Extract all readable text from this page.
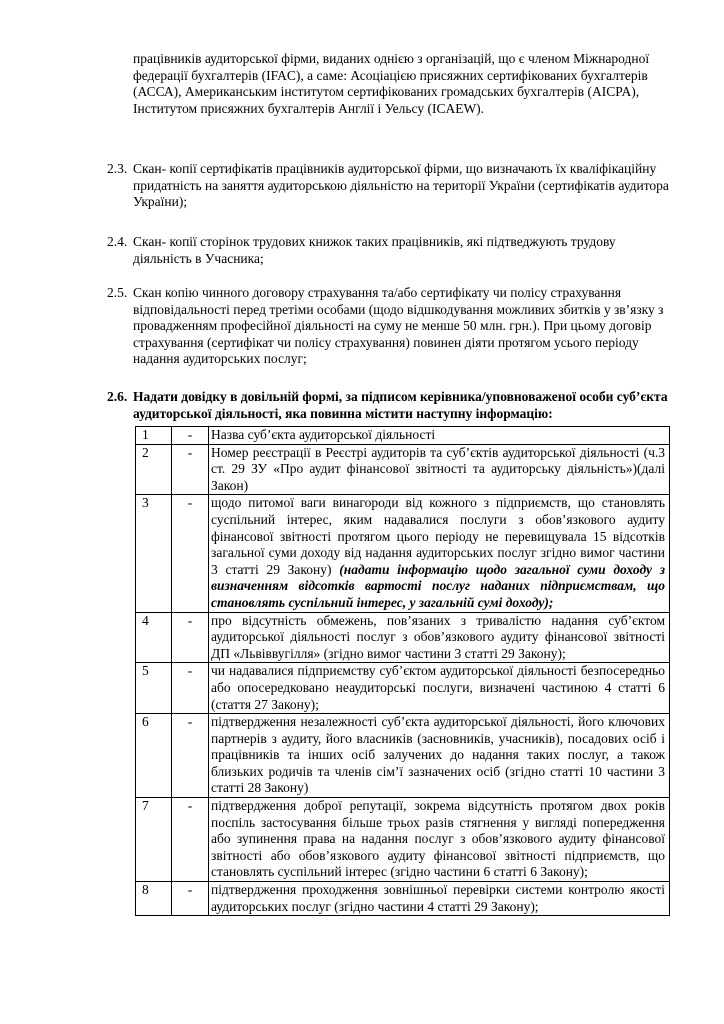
працівників аудиторської фірми, виданих однією з організацій, що є членом Міжнародної федерації бухгалтерів (IFAC), а саме: Асоціацією присяжних сертифікованих бухгалтерів (АССА), Американським інститутом сертифікованих громадських бухгалтерів (AICPA), Інститутом присяжних бухгалтерів Англії і Уельсу (ICAEW).

2.3. Скан- копії сертифікатів працівників аудиторської фірми, що визначають їх кваліфікаційну придатність на заняття аудиторською діяльністю на території України (сертифікатів аудитора України);
2.4. Скан- копії сторінок трудових книжок таких працівників, які підтведжують трудову діяльність в Учасника;
2.5. Скан копію чинного договору страхування та/або сертифікату чи полісу страхування відповідальності перед третіми особами (щодо відшкодування можливих збитків у зв’язку з провадженням професійної діяльності на суму не менше 50 млн. грн.). При цьому договір страхування (сертифікат чи полісу страхування) повинен діяти протягом усього періоду надання аудиторських послуг;
2.6. Надати довідку в довільній формі, за підписом керівника/уповноваженої особи суб’єкта аудиторської діяльності, яка повинна містити наступну інформацію:
1	-	Назва суб’єкта аудиторської діяльності
2	-	Номер реєстрації в Реєстрі аудиторів та суб’єктів аудиторської діяльності (ч.3 ст. 29 ЗУ «Про аудит фінансової звітності та аудиторську діяльність»)(далі Закон)
3	-	щодо питомої ваги винагороди від кожного з підприємств, що становлять суспільний інтерес, яким надавалися послуги з обов’язкового аудиту фінансової звітності протягом цього періоду не перевищувала 15 відсотків загальної суми доходу від надання аудиторських послуг згідно вимог частини 3 статті 29 Закону) (надати інформацію щодо загальної суми доходу з визначенням відсотків вартості послуг наданих підприємствам, що становлять суспільний інтерес, у загальній сумі доходу);
4	-	про відсутність обмежень, пов’язаних з тривалістю надання суб’єктом аудиторської діяльності послуг з обов’язкового аудиту фінансової звітності ДП «Львіввугілля» (згідно вимог частини 3 статті 29 Закону);
5	-	чи надавалися підприємству суб’єктом аудиторської діяльності безпосередньо або опосередковано неаудиторські послуги, визначені частиною 4 статті 6 (стаття 27 Закону);
6	-	підтвердження незалежності суб’єкта аудиторської діяльності, його ключових партнерів з аудиту, його власників (засновників, учасників), посадових осіб і працівників та інших осіб залучених до надання таких послуг, а також близьких родичів та членів сім’ї зазначених осіб (згідно статті 10 частини 3 статті 28 Закону)
7	-	підтвердження доброї репутації, зокрема відсутність протягом двох років поспіль застосування більше трьох разів стягнення у вигляді попередження або зупинення права на надання послуг з обов’язкового аудиту фінансової звітності або обов’язкового аудиту фінансової звітності підприємств, що становлять суспільний інтерес (згідно частини 6 статті 6 Закону);
8	-	підтвердження проходження зовнішньої перевірки системи контролю якості аудиторських послуг (згідно частини 4 статті 29 Закону);
